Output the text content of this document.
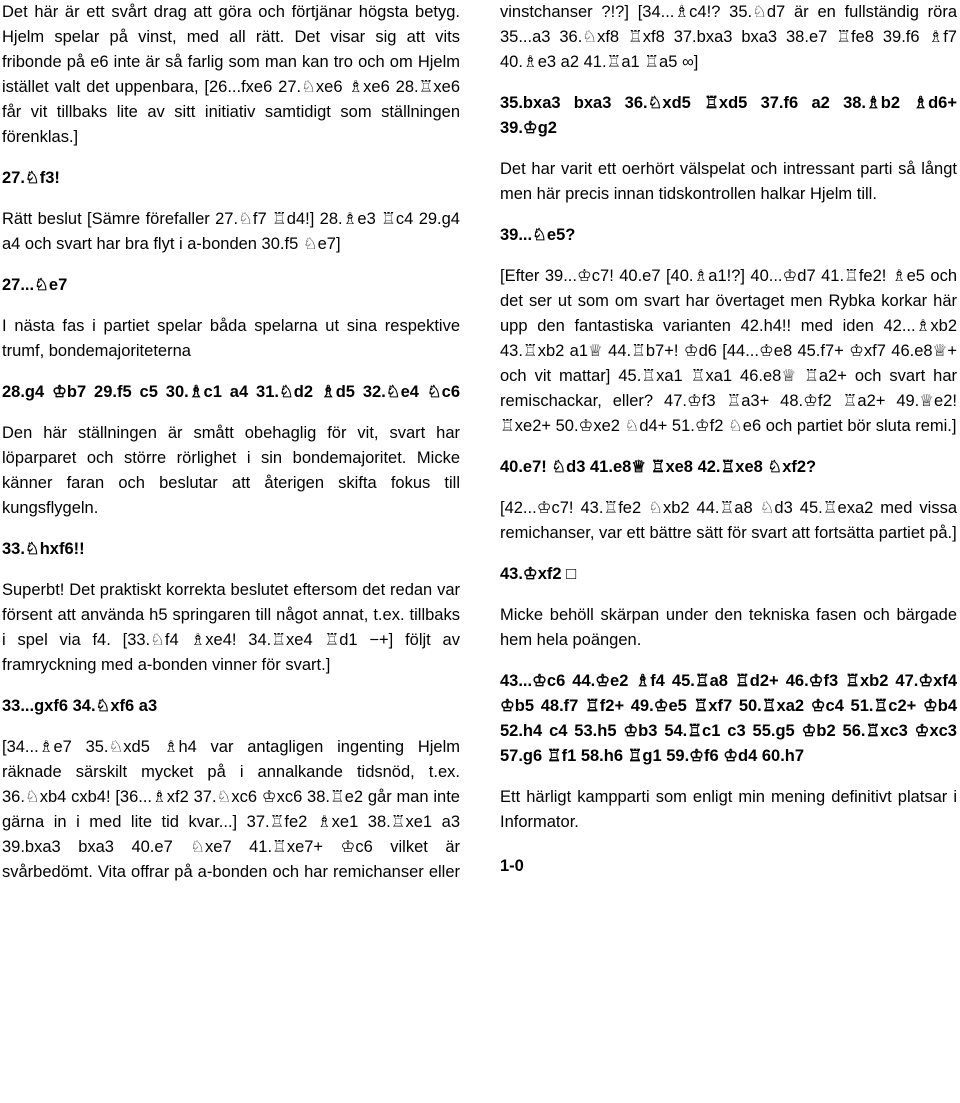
Det här är ett svårt drag att göra och förtjänar högsta betyg. Hjelm spelar på vinst, med all rätt. Det visar sig att vits fribonde på e6 inte är så farlig som man kan tro och om Hjelm istället valt det uppenbara, [26...fxe6 27.♘xe6 ♗xe6 28.♖xe6 får vit tillbaks lite av sitt initiativ samtidigt som ställningen förenklas.]

27.♘f3!

Rätt beslut [Sämre förefaller 27.♘f7 ♖d4!] 28.♗e3 ♖c4 29.g4 a4 och svart har bra flyt i a-bonden 30.f5 ♘e7]

27...♘e7

I nästa fas i partiet spelar båda spelarna ut sina respektive trumf, bondemajoriteterna

28.g4 ♔b7 29.f5 c5 30.♗c1 a4 31.♘d2 ♗d5 32.♘e4 ♘c6

Den här ställningen är smått obehaglig för vit, svart har löparparet och större rörlighet i sin bondemajoritet. Micke känner faran och beslutar att återigen skifta fokus till kungsflygeln.

33.♘hxf6!!

Superbt! Det praktiskt korrekta beslutet eftersom det redan var försent att använda h5 springaren till något annat, t.ex. tillbaks i spel via f4. [33.♘f4 ♗xe4! 34.♖xe4 ♖d1 −+] följt av framryckning med a-bonden vinner för svart.]

33...gxf6 34.♘xf6 a3

[34...♗e7 35.♘xd5 ♗h4 var antagligen ingenting Hjelm räknade särskilt mycket på i annalkande tidsnöd, t.ex. 36.♘xb4 cxb4! [36...♗xf2 37.♘xc6 ♔xc6 38.♖e2 går man inte gärna in i med lite tid kvar...] 37.♖fe2 ♗xe1 38.♖xe1 a3 39.bxa3 bxa3 40.e7 ♘xe7 41.♖xe7+ ♔c6 vilket är svårbedömt. Vita offrar på a-bonden och har remichanser eller

vinstchanser ?!?] [34...♗c4!? 35.♘d7 är en fullständig röra 35...a3 36.♘xf8 ♖xf8 37.bxa3 bxa3 38.e7 ♖fe8 39.f6 ♗f7 40.♗e3 a2 41.♖a1 ♖a5 ∞]

35.bxa3 bxa3 36.♘xd5 ♖xd5 37.f6 a2 38.♗b2 ♗d6+ 39.♔g2

Det har varit ett oerhört välspelat och intressant parti så långt men här precis innan tidskontrollen halkar Hjelm till.

39...♘e5?

[Efter 39...♔c7! 40.e7 [40.♗a1!?] 40...♔d7 41.♖fe2! ♗e5 och det ser ut som om svart har övertaget men Rybka korkar här upp den fantastiska varianten 42.h4!! med iden 42...♗xb2 43.♖xb2 a1♕ 44.♖b7+! ♔d6 [44...♔e8 45.f7+ ♔xf7 46.e8♕+ och vit mattar] 45.♖xa1 ♖xa1 46.e8♕ ♖a2+ och svart har remischackar, eller? 47.♔f3 ♖a3+ 48.♔f2 ♖a2+ 49.♕e2! ♖xe2+ 50.♔xe2 ♘d4+ 51.♔f2 ♘e6 och partiet bör sluta remi.]

40.e7! ♘d3 41.e8♕ ♖xe8 42.♖xe8 ♘xf2?

[42...♔c7! 43.♖fe2 ♘xb2 44.♖a8 ♘d3 45.♖exa2 med vissa remichanser, var ett bättre sätt för svart att fortsätta partiet på.]

43.♔xf2 □

Micke behöll skärpan under den tekniska fasen och bärgade hem hela poängen.

43...♔c6 44.♔e2 ♗f4 45.♖a8 ♖d2+ 46.♔f3 ♖xb2 47.♔xf4 ♔b5 48.f7 ♖f2+ 49.♔e5 ♖xf7 50.♖xa2 ♔c4 51.♖c2+ ♔b4 52.h4 c4 53.h5 ♔b3 54.♖c1 c3 55.g5 ♔b2 56.♖xc3 ♔xc3 57.g6 ♖f1 58.h6 ♖g1 59.♔f6 ♔d4 60.h7

Ett härligt kampparti som enligt min mening definitivt platsar i Informator.

1-0
